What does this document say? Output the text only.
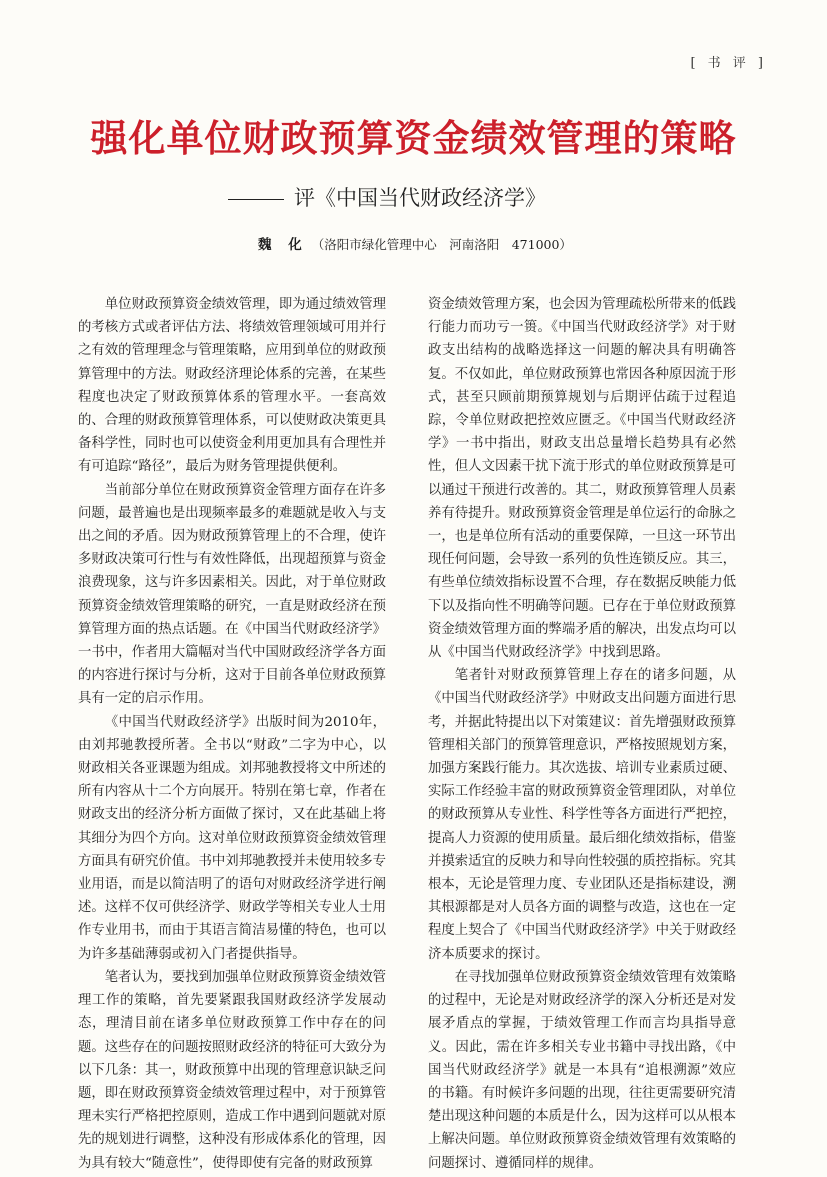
[ 书 评 ]
强化单位财政预算资金绩效管理的策略
评《中国当代财政经济学》
魏 化 （洛阳市绿化管理中心　河南洛阳　471000）

单位财政预算资金绩效管理，即为通过绩效管理的考核方式或者评估方法、将绩效管理领域可用并行之有效的管理理念与管理策略，应用到单位的财政预算管理中的方法。财政经济理论体系的完善，在某些程度也决定了财政预算体系的管理水平。一套高效的、合理的财政预算管理体系，可以使财政决策更具备科学性，同时也可以使资金利用更加具有合理性并有可追踪“路径”，最后为财务管理提供便利。

当前部分单位在财政预算资金管理方面存在许多问题，最普遍也是出现频率最多的难题就是收入与支出之间的矛盾。因为财政预算管理上的不合理，使许多财政决策可行性与有效性降低，出现超预算与资金浪费现象，这与许多因素相关。因此，对于单位财政预算资金绩效管理策略的研究，一直是财政经济在预算管理方面的热点话题。在《中国当代财政经济学》一书中，作者用大篇幅对当代中国财政经济学各方面的内容进行探讨与分析，这对于目前各单位财政预算具有一定的启示作用。

《中国当代财政经济学》出版时间为2010年，由刘邦驰教授所著。全书以“财政”二字为中心，以财政相关各亚课题为组成。刘邦驰教授将文中所述的所有内容从十二个方向展开。特别在第七章，作者在财政支出的经济分析方面做了探讨，又在此基础上将其细分为四个方向。这对单位财政预算资金绩效管理方面具有研究价值。书中刘邦驰教授并未使用较多专业用语，而是以简洁明了的语句对财政经济学进行阐述。这样不仅可供经济学、财政学等相关专业人士用作专业用书，而由于其语言简洁易懂的特色，也可以为许多基础薄弱或初入门者提供指导。

笔者认为，要找到加强单位财政预算资金绩效管理工作的策略，首先要紧跟我国财政经济学发展动态，理清目前在诸多单位财政预算工作中存在的问题。这些存在的问题按照财政经济的特征可大致分为以下几条：其一，财政预算中出现的管理意识缺乏问题，即在财政预算资金绩效管理过程中，对于预算管理未实行严格把控原则，造成工作中遇到问题就对原先的规划进行调整，这种没有形成体系化的管理，因为具有较大“随意性”，使得即使有完备的财政预算

资金绩效管理方案，也会因为管理疏松所带来的低践行能力而功亏一篑。《中国当代财政经济学》对于财政支出结构的战略选择这一问题的解决具有明确答复。不仅如此，单位财政预算也常因各种原因流于形式，甚至只顾前期预算规划与后期评估疏于过程追踪，令单位财政把控效应匮乏。《中国当代财政经济学》一书中指出，财政支出总量增长趋势具有必然性，但人文因素干扰下流于形式的单位财政预算是可以通过干预进行改善的。其二，财政预算管理人员素养有待提升。财政预算资金管理是单位运行的命脉之一，也是单位所有活动的重要保障，一旦这一环节出现任何问题，会导致一系列的负性连锁反应。其三，有些单位绩效指标设置不合理，存在数据反映能力低下以及指向性不明确等问题。已存在于单位财政预算资金绩效管理方面的弊端矛盾的解决，出发点均可以从《中国当代财政经济学》中找到思路。

笔者针对财政预算管理上存在的诸多问题，从《中国当代财政经济学》中财政支出问题方面进行思考，并据此特提出以下对策建议：首先增强财政预算管理相关部门的预算管理意识，严格按照规划方案，加强方案践行能力。其次选拔、培训专业素质过硬、实际工作经验丰富的财政预算资金管理团队，对单位的财政预算从专业性、科学性等各方面进行严把控，提高人力资源的使用质量。最后细化绩效指标，借鉴并摸索适宜的反映力和导向性较强的质控指标。究其根本，无论是管理力度、专业团队还是指标建设，溯其根源都是对人员各方面的调整与改造，这也在一定程度上契合了《中国当代财政经济学》中关于财政经济本质要求的探讨。

在寻找加强单位财政预算资金绩效管理有效策略的过程中，无论是对财政经济学的深入分析还是对发展矛盾点的掌握，于绩效管理工作而言均具指导意义。因此，需在许多相关专业书籍中寻找出路，《中国当代财政经济学》就是一本具有“追根溯源”效应的书籍。有时候许多问题的出现，往往更需要研究清楚出现这种问题的本质是什么，因为这样可以从根本上解决问题。单位财政预算资金绩效管理有效策略的问题探讨、遵循同样的规律。
